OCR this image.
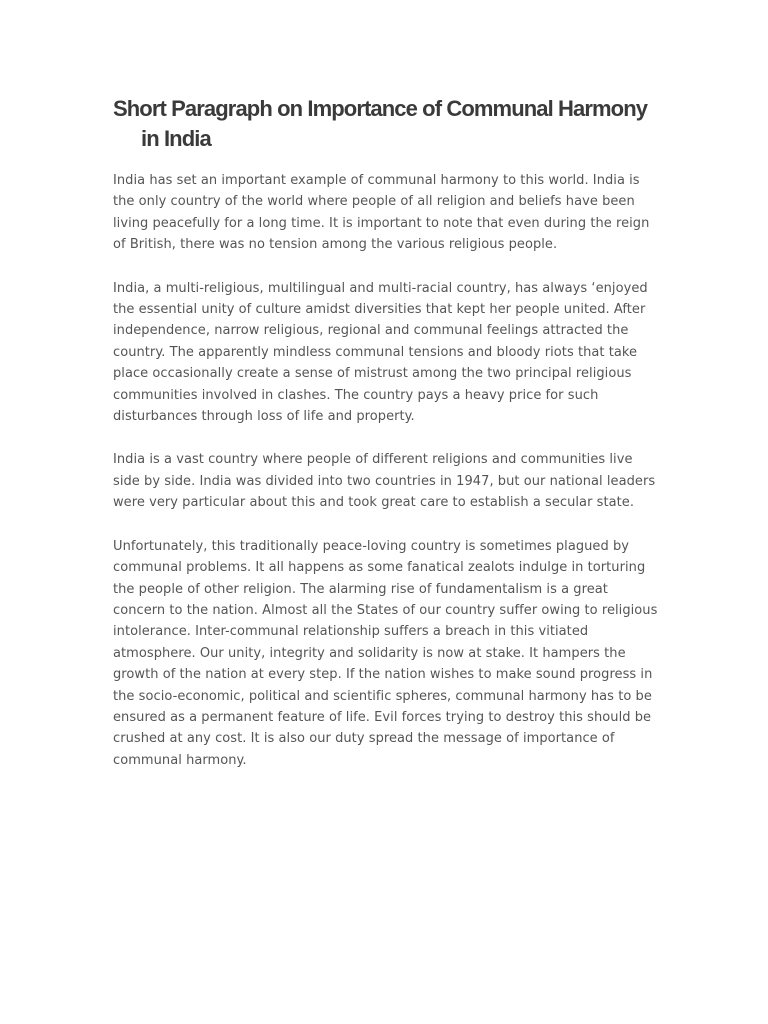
Short Paragraph on Importance of Communal Harmony in India

India has set an important example of communal harmony to this world. India is the only country of the world where people of all religion and beliefs have been living peacefully for a long time. It is important to note that even during the reign of British, there was no tension among the various religious people.

India, a multi-religious, multilingual and multi-racial country, has always ‘enjoyed the essential unity of culture amidst diversities that kept her people united. After independence, narrow religious, regional and communal feelings attracted the country. The apparently mindless communal tensions and bloody riots that take place occasionally create a sense of mistrust among the two principal religious communities involved in clashes. The country pays a heavy price for such disturbances through loss of life and property.

India is a vast country where people of different religions and communities live side by side. India was divided into two countries in 1947, but our national leaders were very particular about this and took great care to establish a secular state.

Unfortunately, this traditionally peace-loving country is sometimes plagued by communal problems. It all happens as some fanatical zealots indulge in torturing the people of other religion. The alarming rise of fundamentalism is a great concern to the nation. Almost all the States of our country suffer owing to religious intolerance. Inter-communal relationship suffers a breach in this vitiated atmosphere. Our unity, integrity and solidarity is now at stake. It hampers the growth of the nation at every step. If the nation wishes to make sound progress in the socio-economic, political and scientific spheres, communal harmony has to be ensured as a permanent feature of life. Evil forces trying to destroy this should be crushed at any cost. It is also our duty spread the message of importance of communal harmony.
